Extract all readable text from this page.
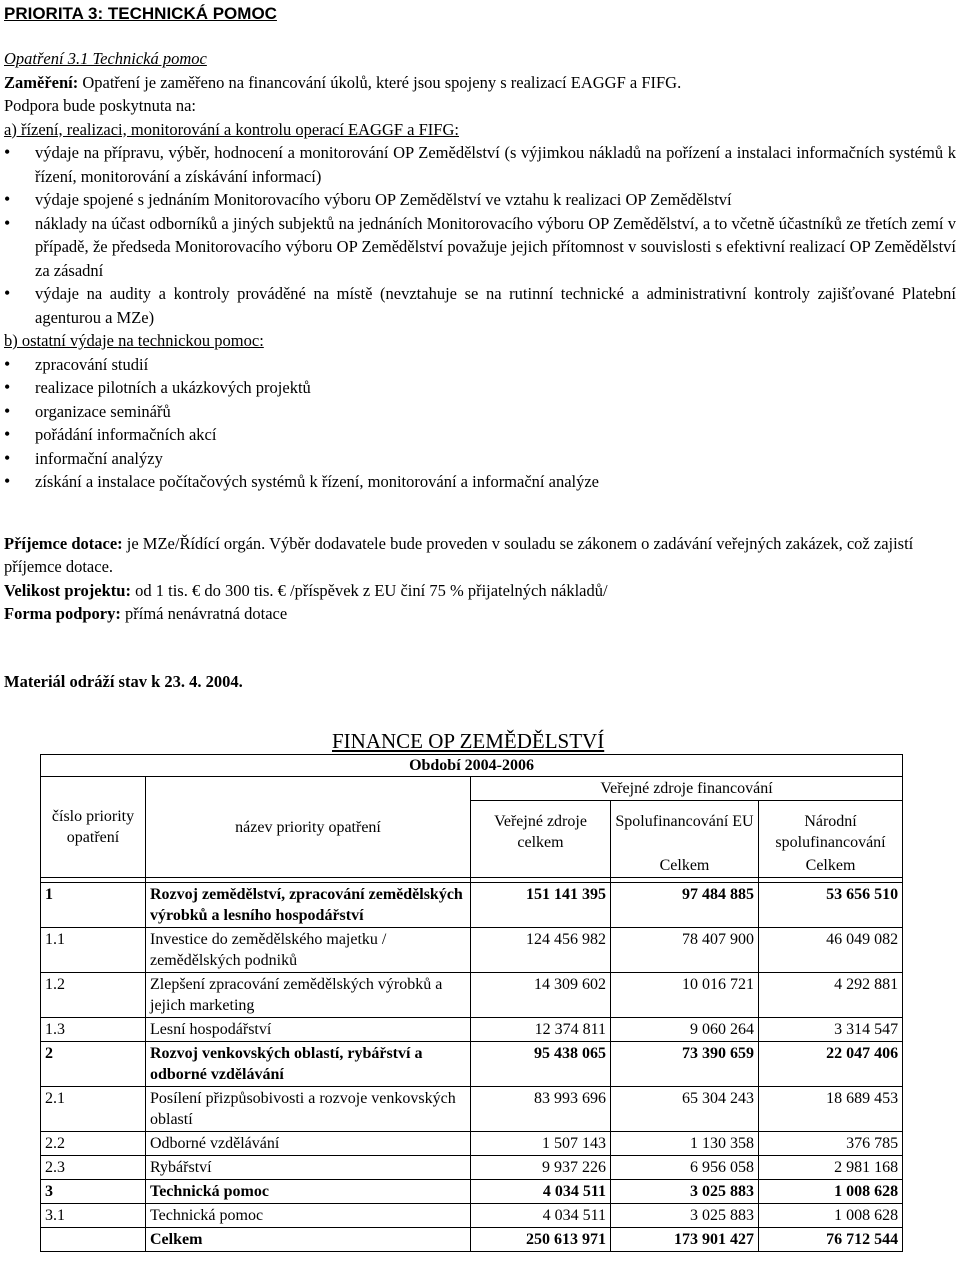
PRIORITA 3: TECHNICKÁ POMOC

Opatření 3.1 Technická pomoc

Zaměření: Opatření je zaměřeno na financování úkolů, které jsou spojeny s realizací EAGGF a FIFG.

Podpora bude poskytnuta na:

a) řízení, realizaci, monitorování a kontrolu operací EAGGF a FIFG:

• výdaje na přípravu, výběr, hodnocení a monitorování OP Zemědělství (s výjimkou nákladů na pořízení a instalaci informačních systémů k řízení, monitorování a získávání informací)
• výdaje spojené s jednáním Monitorovacího výboru OP Zemědělství ve vztahu k realizaci OP Zemědělství
• náklady na účast odborníků a jiných subjektů na jednáních Monitorovacího výboru OP Zemědělství, a to včetně účastníků ze třetích zemí v případě, že předseda Monitorovacího výboru OP Zemědělství považuje jejich přítomnost v souvislosti s efektivní realizací OP Zemědělství za zásadní
• výdaje na audity a kontroly prováděné na místě (nevztahuje se na rutinní technické a administrativní kontroly zajišťované Platební agenturou a MZe)

b) ostatní výdaje na technickou pomoc:

• zpracování studií
• realizace pilotních a ukázkových projektů
• organizace seminářů
• pořádání informačních akcí
• informační analýzy
• získání a instalace počítačových systémů k řízení, monitorování a informační analýze

Příjemce dotace: je MZe/Řídící orgán. Výběr dodavatele bude proveden v souladu se zákonem o zadávání veřejných zakázek, což zajistí příjemce dotace.

Velikost projektu: od 1 tis. € do 300 tis. € /příspěvek z EU činí 75 % přijatelných nákladů/

Forma podpory: přímá nenávratná dotace

Materiál odráží stav k 23. 4. 2004.

FINANCE OP ZEMĚDĚLSTVÍ
Období 2004-2006				
číslo priority opatření	název priority opatření	Veřejné zdroje financování		
		Veřejné zdroje celkem	Spolufinancování EU	Národní spolufinancování
			Celkem	Celkem

1	Rozvoj zemědělství, zpracování zemědělských výrobků a lesního hospodářství	151 141 395	97 484 885	53 656 510
1.1	Investice do zemědělského majetku / zemědělských podniků	124 456 982	78 407 900	46 049 082
1.2	Zlepšení zpracování zemědělských výrobků a jejich marketing	14 309 602	10 016 721	4 292 881
1.3	Lesní hospodářství	12 374 811	9 060 264	3 314 547
2	Rozvoj venkovských oblastí, rybářství a odborné vzdělávání	95 438 065	73 390 659	22 047 406
2.1	Posílení přizpůsobivosti a rozvoje venkovských oblastí	83 993 696	65 304 243	18 689 453
2.2	Odborné vzdělávání	1 507 143	1 130 358	376 785
2.3	Rybářství	9 937 226	6 956 058	2 981 168
3	Technická pomoc	4 034 511	3 025 883	1 008 628
3.1	Technická pomoc	4 034 511	3 025 883	1 008 628
	Celkem	250 613 971	173 901 427	76 712 544
